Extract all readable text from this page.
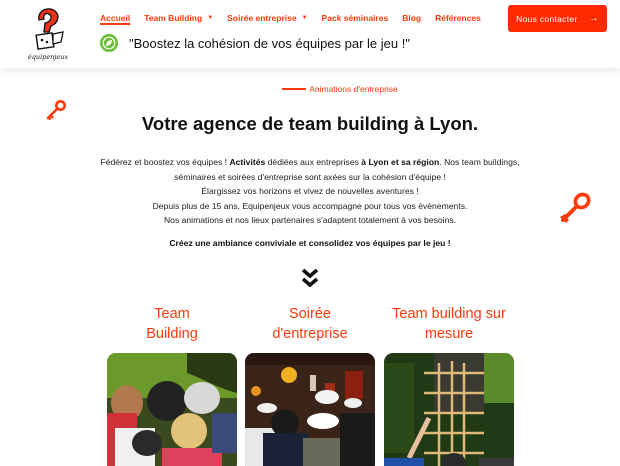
équipenjeux
Accueil Team Building ▼ Soirée entreprise ▼ Pack séminaires Blog Références	Nous contacter →
"Boostez la cohésion de vos équipes par le jeu !"
Animations d'entreprise
Votre agence de team building à Lyon.

Fédérez et boostez vos équipes ! Activités dédiées aux entreprises à Lyon et sa région. Nos team buildings, séminaires et soirées d'entreprise sont axées sur la cohésion d'équipe !

Élargissez vos horizons et vivez de nouvelles aventures !

Depuis plus de 15 ans, Equipenjeux vous accompagne pour tous vos évènements.

Nos animations et nos lieux partenaires s'adaptent totalement à vos besoins.

Créez une ambiance conviviale et consolidez vos équipes par le jeu !

Team Building
Soirée d'entreprise
Team building sur mesure
